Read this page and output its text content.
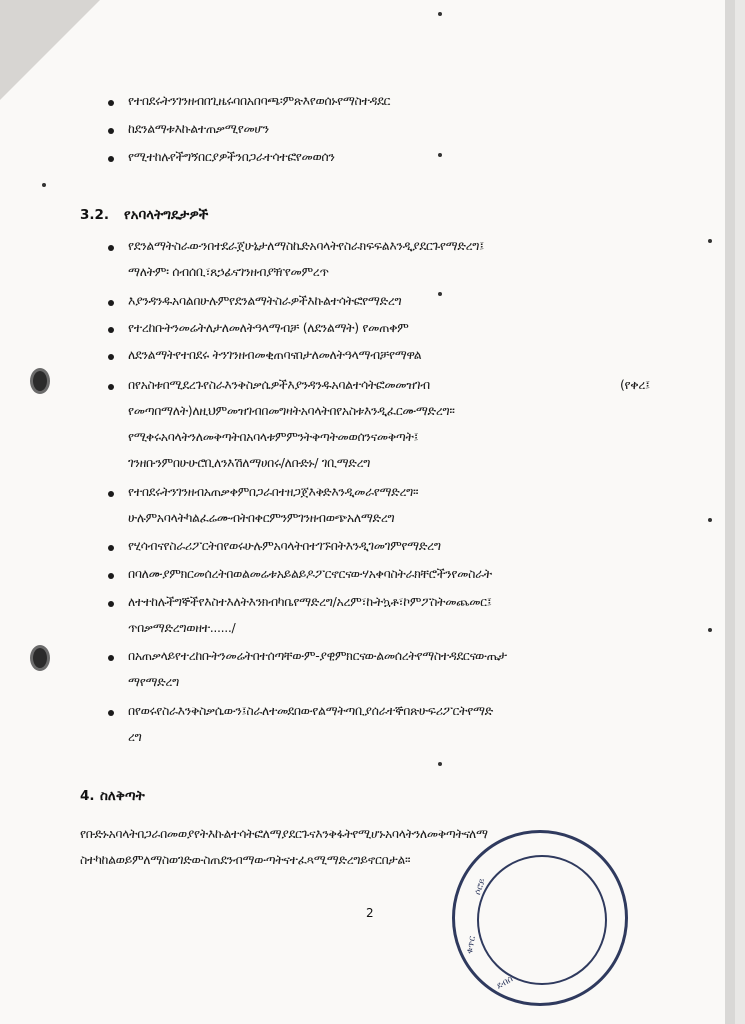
የተበደሩትንገንዘብበጊዜሩባበአበባጫ፡ምጽእየወሰኑየማስተዳደር
ከደንልማቱእኩልተጠቃሚየመሆን
የሚተከሉየችግኝበርያዎችንበጋራተሳተፎየመወሰን
3.2. የአባላትግዴታዎች
የደንልማትስራውንበተደራጀሁኔታለማስኬድአባላትየስራክፍፍልእንዲያደርጉየማድረግ፤
ማለትም፡ ሰብሰቢ፣ጸኃፊናገንዘብያዥየመምረጥ
እያንዳንዱአባልበሁሉምየደንልማትስራዎችእኩልተሳትፎየማድረግ
የተረከቡትንመሬትለታለመለትዓላማብቻ (ለደንልማት) የመጠቀም
ለደንልማትየተበደሩ ትንገንዘብመቂጠባናበታለመለትዓላማብቻየማዋል
በየአስቱበሚደረጉየስራእንቅስቃሴዎችእያንዳንዱአባልተሳትፎመመዝገብ	(የቀረ፤
የመጣበማለት)ለዚህምመዝገብበመግዛትአባላትበየአስቱእንዲፈርሙማድረግ፡፡
የሚቀሩአባላትንለመቅጣትበአባላቱምምንትቅጣትመወሰንናመቅጣት፤
ገንዘቡንምበሁሁሮቢለንእሽለማሀበሩ/ለቡድኑ/ ገቢማድረግ
የተበደሩትንገንዘብአጠቃቀምበጋራበተዘጋጀእቅድእንዲመራየማድረግ፡፡
ሁሉምአባላትካልፈሬሙብትበቀርምንምገንዘብወጭአለማድረግ
የሂሳብናየስራሪፖርትበየወሩሁሉምአባላትበተገኙበትእንዲገመገምየማድረግ
በባለሙያምክርመሰረትበወልመሬቱአይልይዶፖርኖርናውሃአቀባስትራክቸሮችንየመስራት
ለተተከሉችግኞችየእስተእለትእንክብካቤየማድረግ/አረም፣ኩትኳቶ፣ኮምፖስትመጨመር፤
ጥበቃማድረግወዘተ....../
በአጠቃላይየተረከቡትንመሬትበተሰጣቸውም-ያዊምክርናውልመሰረትየማስተዳደርናውጤታ
ማየማድረግ
በየወሩየስራእንቅስቃሴውን፤ስራለተመደበውየልማትጣቢያሰራተኞበጽሁፍሪፖርትየማድ
ረግ
4. ስለቅጣት
የቡድኑአባላትበጋራበመወያየትእኩልተሳትፎለማያደርጉናእንቅፋትየሚሆኑአባላትንለመቅጣትናለማ
ስተካከልወይምለማስወገድውስጠደንብማውጣትናተፈጻሚማድረግይኖርበታል፡፡
2
ቁጥር
ሶሮይ
ደብሰ
